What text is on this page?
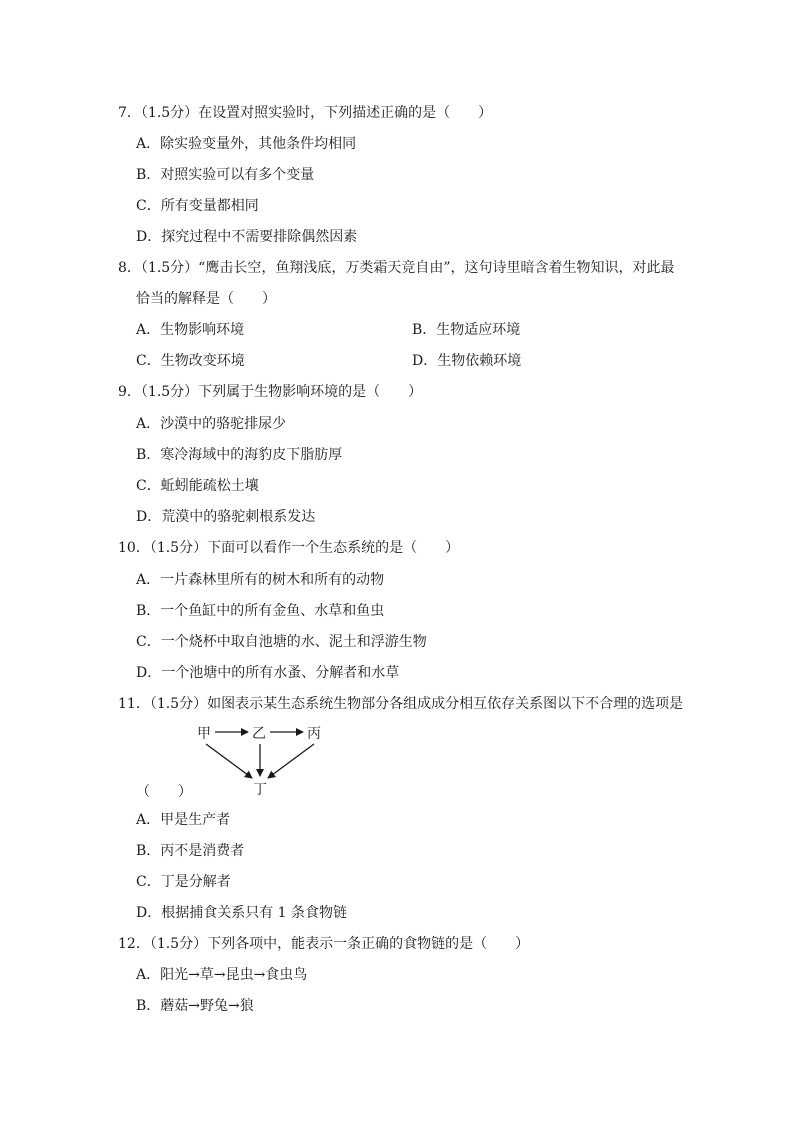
7．（1.5分）在设置对照实验时，下列描述正确的是（　　）
A．除实验变量外，其他条件均相同
B．对照实验可以有多个变量
C．所有变量都相同
D．探究过程中不需要排除偶然因素
8．（1.5分）“鹰击长空，鱼翔浅底，万类霜天竞自由”，这句诗里暗含着生物知识，对此最
恰当的解释是（　　）
A．生物影响环境	B．生物适应环境
C．生物改变环境	D．生物依赖环境
9．（1.5分）下列属于生物影响环境的是（　　）
A．沙漠中的骆驼排尿少
B．寒冷海域中的海豹皮下脂肪厚
C．蚯蚓能疏松土壤
D．荒漠中的骆驼刺根系发达
10．（1.5分）下面可以看作一个生态系统的是（　　）
A．一片森林里所有的树木和所有的动物
B．一个鱼缸中的所有金鱼、水草和鱼虫
C．一个烧杯中取自池塘的水、泥土和浮游生物
D．一个池塘中的所有水蚤、分解者和水草
11．（1.5分）如图表示某生态系统生物部分各组成成分相互依存关系图以下不合理的选项是
甲	乙	丙
丁
（　　）
A．甲是生产者
B．丙不是消费者
C．丁是分解者
D．根据捕食关系只有 1 条食物链
12．（1.5分）下列各项中，能表示一条正确的食物链的是（　　）
A．阳光→草→昆虫→食虫鸟
B．蘑菇→野兔→狼
